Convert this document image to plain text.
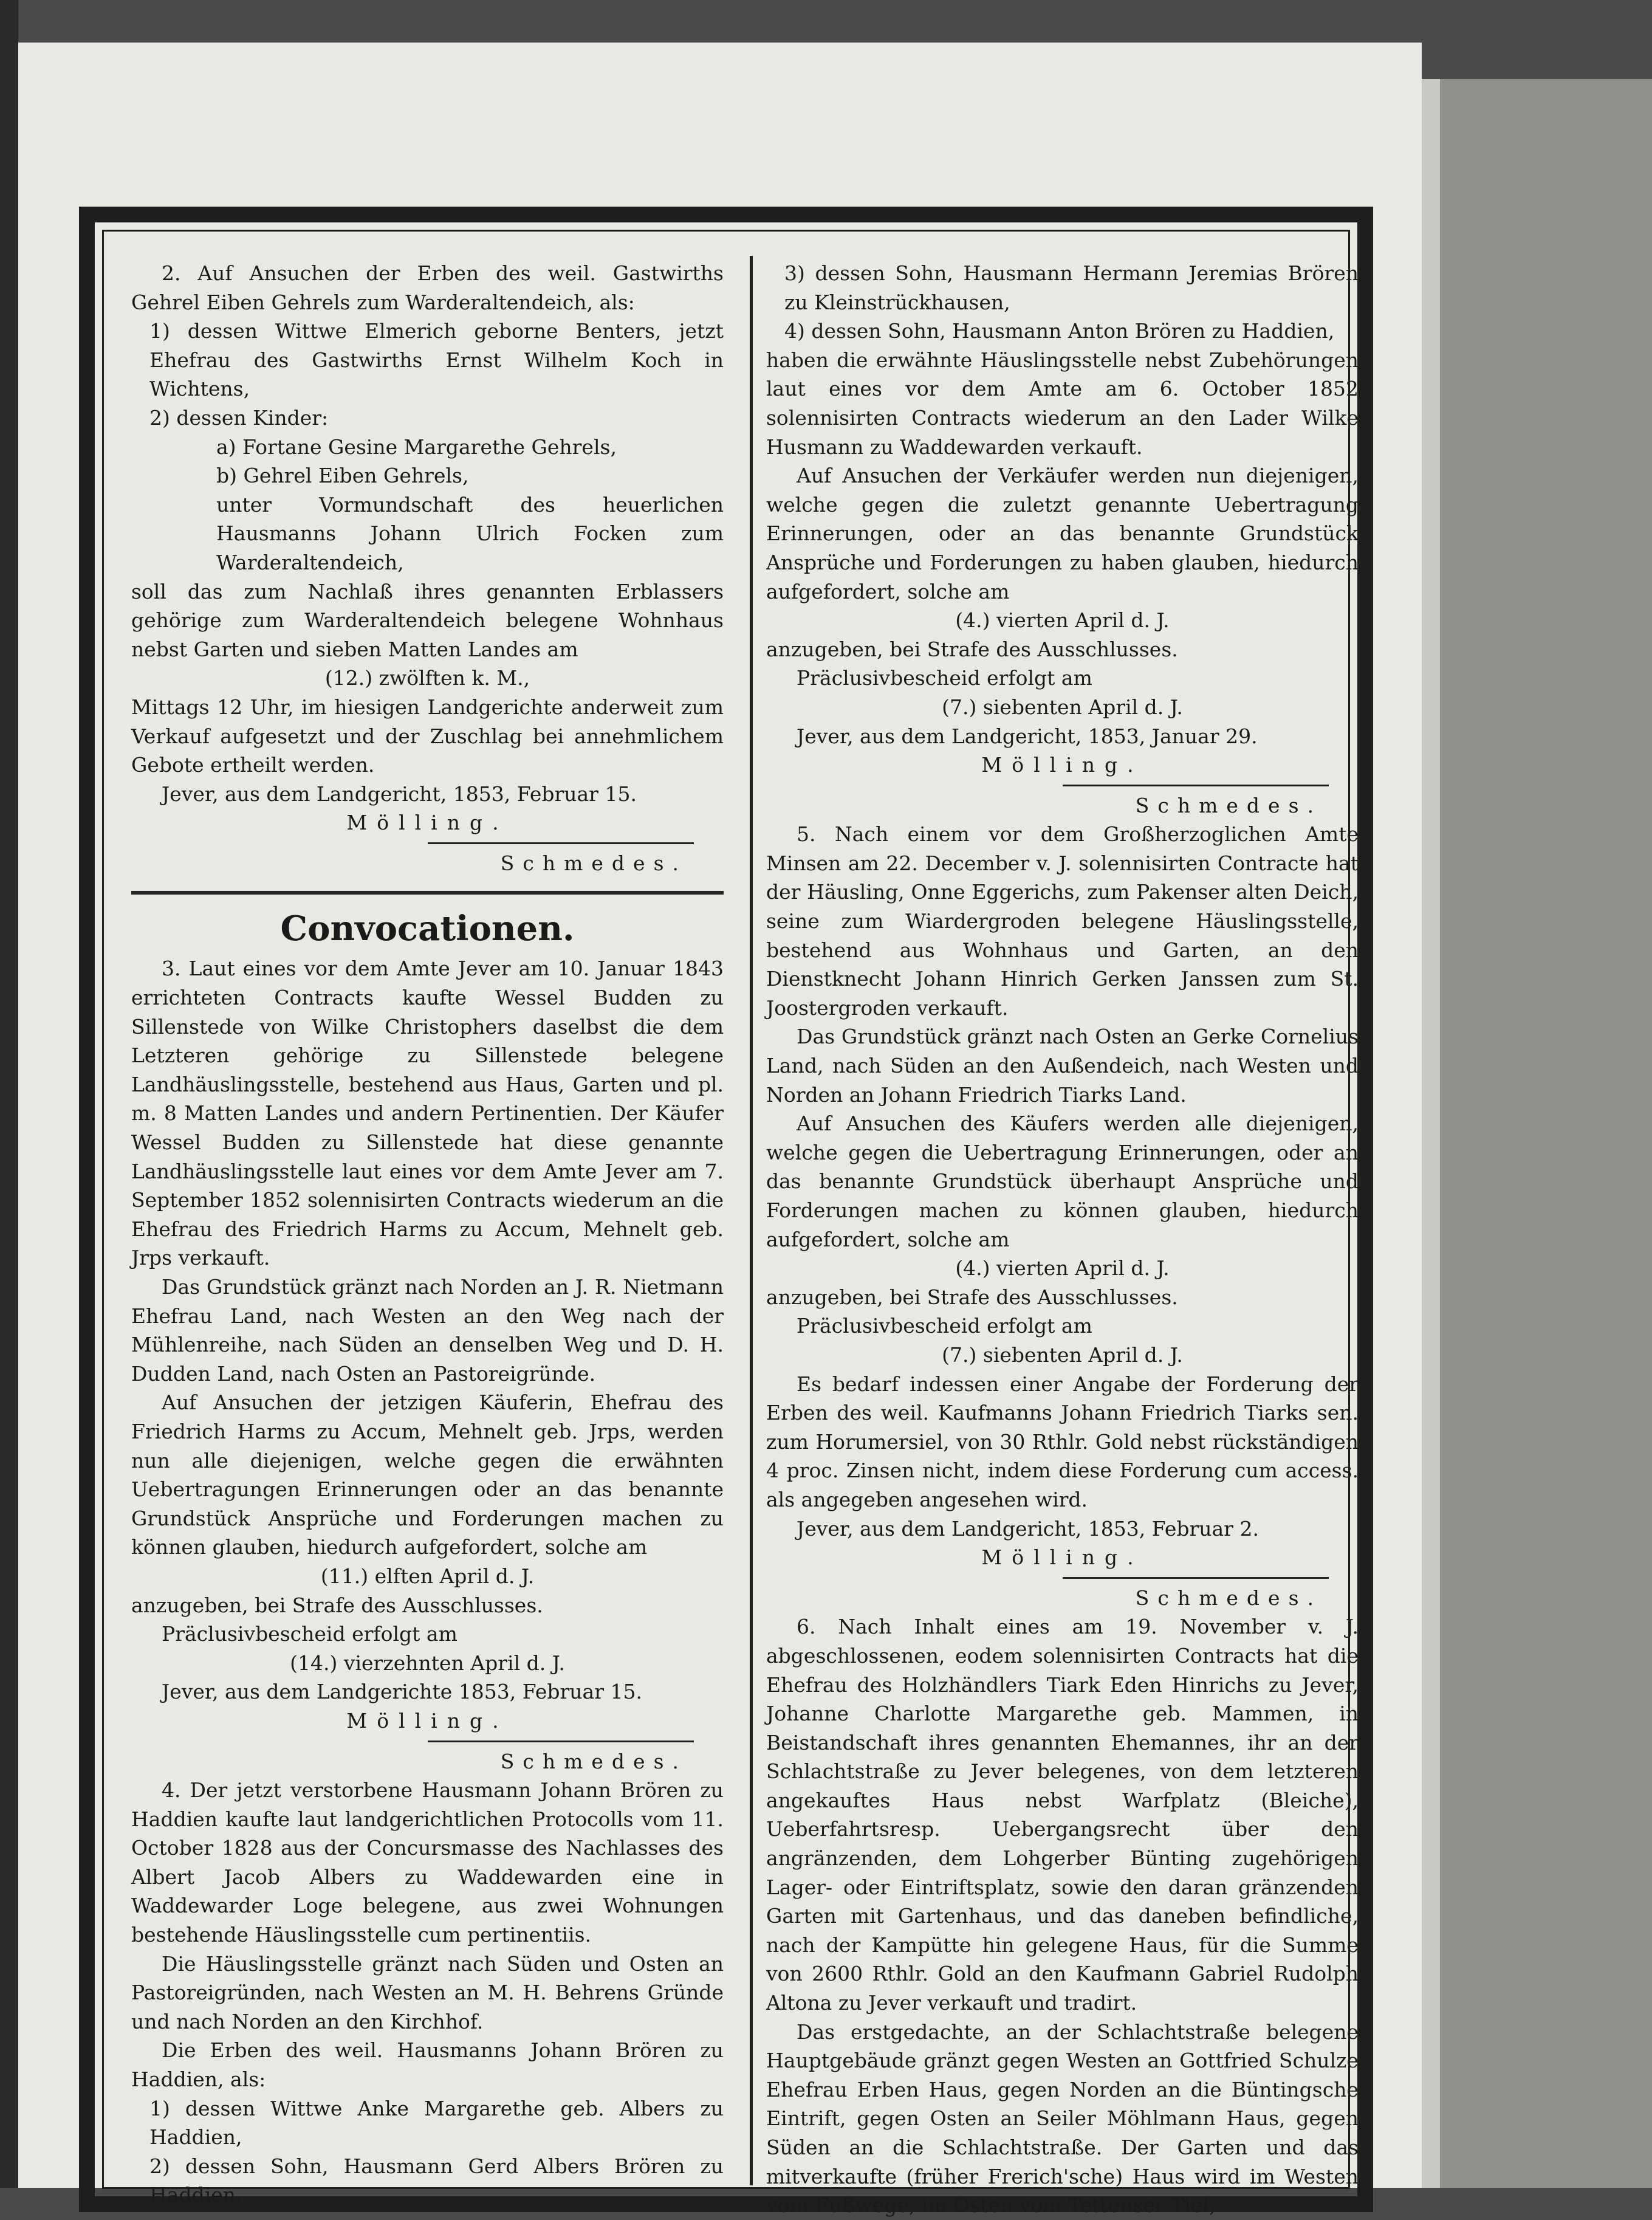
2. Auf Ansuchen der Erben des weil. Gastwirths Gehrel Eiben Gehrels zum Warderaltendeich, als:

1) dessen Wittwe Elmerich geborne Benters, jetzt Ehefrau des Gastwirths Ernst Wilhelm Koch in Wichtens,

2) dessen Kinder:

a) Fortane Gesine Margarethe Gehrels,

b) Gehrel Eiben Gehrels,

unter Vormundschaft des heuerlichen Hausmanns Johann Ulrich Focken zum Warderaltendeich,

soll das zum Nachlaß ihres genannten Erblassers gehörige zum Warderaltendeich belegene Wohnhaus nebst Garten und sieben Matten Landes am

(12.) zwölften k. M.,

Mittags 12 Uhr, im hiesigen Landgerichte anderweit zum Verkauf aufgesetzt und der Zuschlag bei annehmlichem Gebote ertheilt werden.

Jever, aus dem Landgericht, 1853, Februar 15.

Mölling.

Schmedes.

Convocationen.

3. Laut eines vor dem Amte Jever am 10. Januar 1843 errichteten Contracts kaufte Wessel Budden zu Sillenstede von Wilke Christophers daselbst die dem Letzteren gehörige zu Sillenstede belegene Landhäuslingsstelle, bestehend aus Haus, Garten und pl. m. 8 Matten Landes und andern Pertinentien. Der Käufer Wessel Budden zu Sillenstede hat diese genannte Landhäuslingsstelle laut eines vor dem Amte Jever am 7. September 1852 solennisirten Contracts wiederum an die Ehefrau des Friedrich Harms zu Accum, Mehnelt geb. Jrps verkauft.

Das Grundstück gränzt nach Norden an J. R. Nietmann Ehefrau Land, nach Westen an den Weg nach der Mühlenreihe, nach Süden an denselben Weg und D. H. Dudden Land, nach Osten an Pastoreigründe.

Auf Ansuchen der jetzigen Käuferin, Ehefrau des Friedrich Harms zu Accum, Mehnelt geb. Jrps, werden nun alle diejenigen, welche gegen die erwähnten Uebertragungen Erinnerungen oder an das benannte Grundstück Ansprüche und Forderungen machen zu können glauben, hiedurch aufgefordert, solche am

(11.) elften April d. J.

anzugeben, bei Strafe des Ausschlusses.

Präclusivbescheid erfolgt am

(14.) vierzehnten April d. J.

Jever, aus dem Landgerichte 1853, Februar 15.

Mölling.

Schmedes.

4. Der jetzt verstorbene Hausmann Johann Brören zu Haddien kaufte laut landgerichtlichen Protocolls vom 11. October 1828 aus der Concursmasse des Nachlasses des Albert Jacob Albers zu Waddewarden eine in Waddewarder Loge belegene, aus zwei Wohnungen bestehende Häuslingsstelle cum pertinentiis.

Die Häuslingsstelle gränzt nach Süden und Osten an Pastoreigründen, nach Westen an M. H. Behrens Gründe und nach Norden an den Kirchhof.

Die Erben des weil. Hausmanns Johann Brören zu Haddien, als:

1) dessen Wittwe Anke Margarethe geb. Albers zu Haddien,

2) dessen Sohn, Hausmann Gerd Albers Brören zu Haddien,

3) dessen Sohn, Hausmann Hermann Jeremias Brören zu Kleinstrückhausen,

4) dessen Sohn, Hausmann Anton Brören zu Haddien,

haben die erwähnte Häuslingsstelle nebst Zubehörungen laut eines vor dem Amte am 6. October 1852 solennisirten Contracts wiederum an den Lader Wilke Husmann zu Waddewarden verkauft.

Auf Ansuchen der Verkäufer werden nun diejenigen, welche gegen die zuletzt genannte Uebertragung Erinnerungen, oder an das benannte Grundstück Ansprüche und Forderungen zu haben glauben, hiedurch aufgefordert, solche am

(4.) vierten April d. J.

anzugeben, bei Strafe des Ausschlusses.

Präclusivbescheid erfolgt am

(7.) siebenten April d. J.

Jever, aus dem Landgericht, 1853, Januar 29.

Mölling.

Schmedes.

5. Nach einem vor dem Großherzoglichen Amte Minsen am 22. December v. J. solennisirten Contracte hat der Häusling, Onne Eggerichs, zum Pakenser alten Deich, seine zum Wiardergroden belegene Häuslingsstelle, bestehend aus Wohnhaus und Garten, an den Dienstknecht Johann Hinrich Gerken Janssen zum St. Joostergroden verkauft.

Das Grundstück gränzt nach Osten an Gerke Cornelius Land, nach Süden an den Außendeich, nach Westen und Norden an Johann Friedrich Tiarks Land.

Auf Ansuchen des Käufers werden alle diejenigen, welche gegen die Uebertragung Erinnerungen, oder an das benannte Grundstück überhaupt Ansprüche und Forderungen machen zu können glauben, hiedurch aufgefordert, solche am

(4.) vierten April d. J.

anzugeben, bei Strafe des Ausschlusses.

Präclusivbescheid erfolgt am

(7.) siebenten April d. J.

Es bedarf indessen einer Angabe der Forderung der Erben des weil. Kaufmanns Johann Friedrich Tiarks sen. zum Horumersiel, von 30 Rthlr. Gold nebst rückständigen 4 proc. Zinsen nicht, indem diese Forderung cum access. als angegeben angesehen wird.

Jever, aus dem Landgericht, 1853, Februar 2.

Mölling.

Schmedes.

6. Nach Inhalt eines am 19. November v. J. abgeschlossenen, eodem solennisirten Contracts hat die Ehefrau des Holzhändlers Tiark Eden Hinrichs zu Jever, Johanne Charlotte Margarethe geb. Mammen, in Beistandschaft ihres genannten Ehemannes, ihr an der Schlachtstraße zu Jever belegenes, von dem letzteren angekauftes Haus nebst Warfplatz (Bleiche), Ueberfahrtsresp. Uebergangsrecht über den angränzenden, dem Lohgerber Bünting zugehörigen Lager- oder Eintriftsplatz, sowie den daran gränzenden Garten mit Gartenhaus, und das daneben befindliche, nach der Kampütte hin gelegene Haus, für die Summe von 2600 Rthlr. Gold an den Kaufmann Gabriel Rudolph Altona zu Jever verkauft und tradirt.

Das erstgedachte, an der Schlachtstraße belegene Hauptgebäude gränzt gegen Westen an Gottfried Schulze Ehefrau Erben Haus, gegen Norden an die Büntingsche Eintrift, gegen Osten an Seiler Möhlmann Haus, gegen Süden an die Schlachtstraße. Der Garten und das mitverkaufte (früher Frerich'sche) Haus wird im Westen vom Fußwege, im Osten vom Tettenser Tief,
